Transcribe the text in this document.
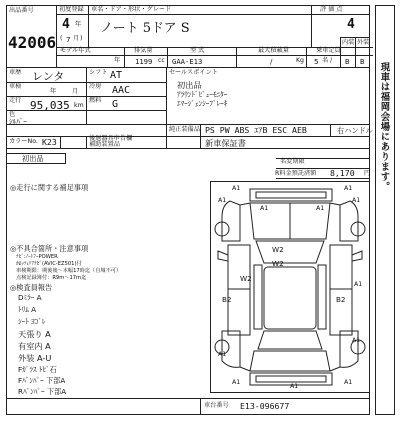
出品番号
42006
初度登録 車名・ドア・形状・グレード
4 年
( 7 月 )
ノート 5ドア S
モデル年式
年
排気量
1199 cc
型 式
GAA-E13
最大積載量
/	Kg
乗車定員
5 名 /
評 価 点
4
内装 外装
B B
車歴 レンタ	シフト AT
車検
年	月
冷房 AAC
走行 95,035 km
燃料 G
色
ｼﾙﾊﾞｰ
セールスポイント
初出品
ｱﾗｳﾝﾄﾞﾋﾞｭｰﾓﾆﾀｰ
ｴﾏｰｼﾞｪﾝｼｰﾌﾞﾚｰｷ
純正装備品 PS PW ABS ｴｱB ESC AEB	右ハンドル
カラーNo. K23	後退器具申告欄
補助装置品	新車保証書
初出品	名変期限
R料金預託済額 8,170 円
◎走行に関する補足事項
◎不具合箇所・注意事項
ﾅﾋﾞ:ﾉｰﾄﾌｰPOWER
ｶﾛｯﾂｪﾘｱﾅﾋﾞ(AVIC-EZ501)付
車検期限：期後後～本幅17時迄（自城不可）
点検記録簿付：R9m～17m迄
◎検査員報告
Dﾐﾗｰ A
ﾄﾘﾑ A
ｼｰﾄ ﾖｺﾞﾚ
天張り A
有室内 A
外装 A-U
Fｶﾞﾗｽ ﾄﾋﾞ石
Fﾊﾞﾝﾊﾟｰ 下部A
Rﾊﾞﾝﾊﾟｰ 下部A
車台番号 E13-096677
A1	A1
A1	A1
A1	A1
W2
W2
W2
B2	B2
A1
A1
A1
A1	A1
A1
現車は福岡会場にあります。
